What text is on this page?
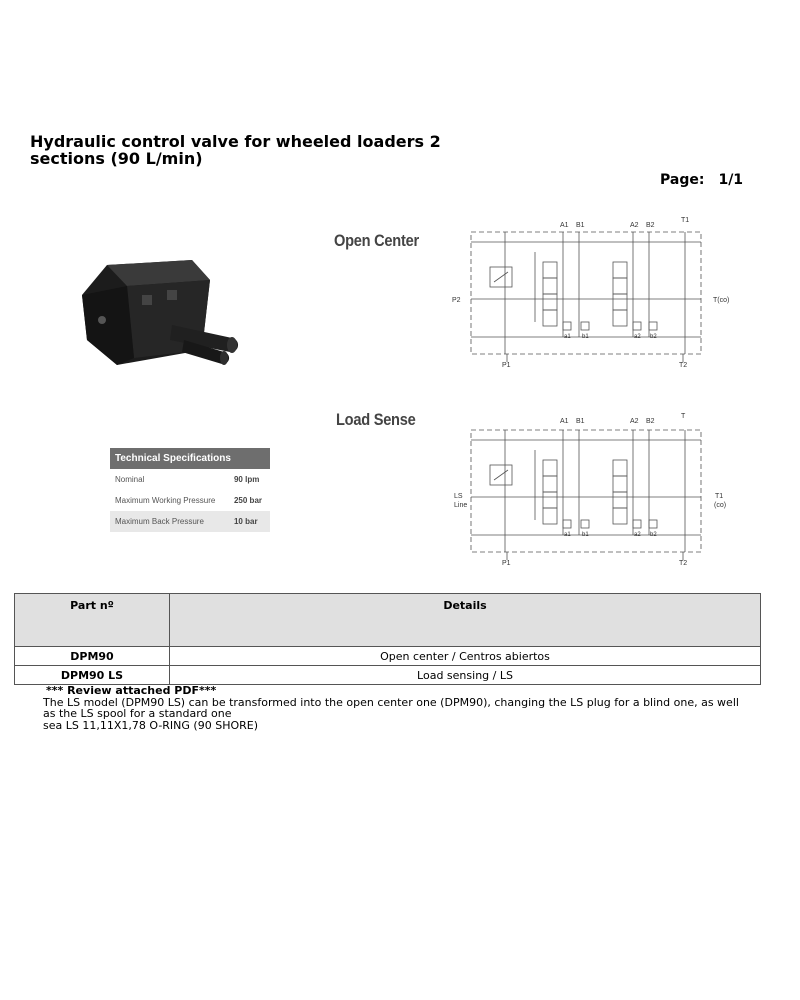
Hydraulic control valve for wheeled loaders 2 sections (90 L/min)
Page: 1/1
Open Center
A1 B1	A2 B2
T1
P2	T(co)
P1	T2
a1 b1	a2 b2
Load Sense	A1 B1	A2 B2
T
LS
Line
T1
(co)
P1	T2
a1 b1	a2 b2
Technical Specifications	
Nominal	90 lpm
Maximum Working Pressure	250 bar
Maximum Back Pressure	10 bar
Part nº	Details
DPM90	Open center / Centros abiertos
DPM90 LS	Load sensing / LS
*** Review attached PDF***
The LS model (DPM90 LS) can be transformed into the open center one (DPM90), changing the LS plug for a blind one, as well as the LS spool for a standard one
sea LS 11,11X1,78 O-RING (90 SHORE)
